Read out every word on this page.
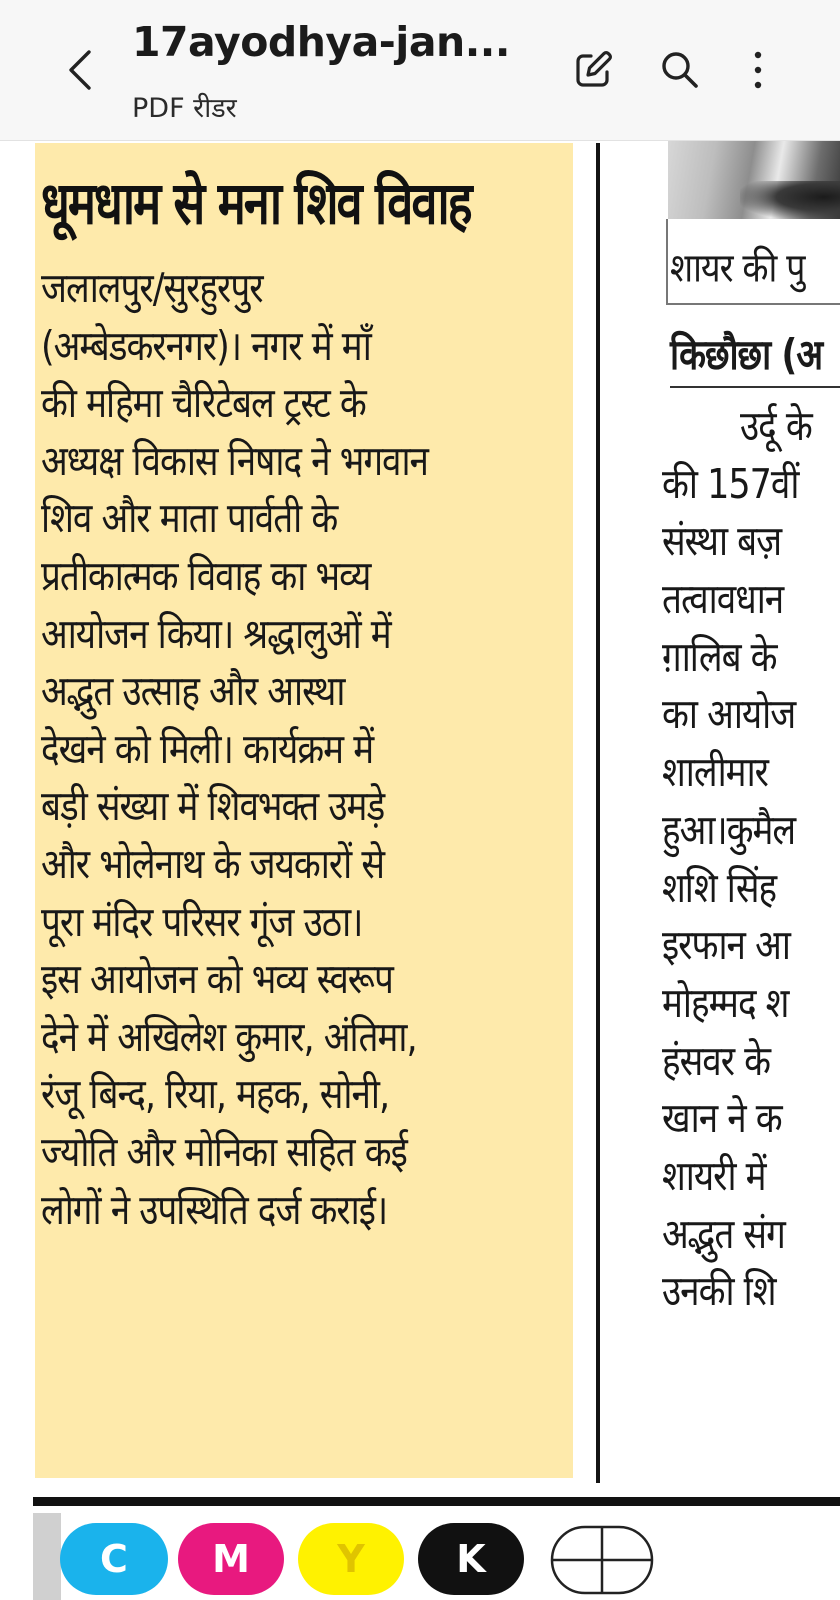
17ayodhya-jan...
PDF रीडर
धूमधाम से मना शिव विवाह
जलालपुर/सुरहुरपुर
(अम्बेडकरनगर)। नगर में माँ
की महिमा चैरिटेबल ट्रस्ट के
अध्यक्ष विकास निषाद ने भगवान
शिव और माता पार्वती के
प्रतीकात्मक विवाह का भव्य
आयोजन किया। श्रद्धालुओं में
अद्भुत उत्साह और आस्था
देखने को मिली। कार्यक्रम में
बड़ी संख्या में शिवभक्त उमड़े
और भोलेनाथ के जयकारों से
पूरा मंदिर परिसर गूंज उठा।
इस आयोजन को भव्य स्वरूप
देने में अखिलेश कुमार, अंतिमा,
रंजू बिन्द, रिया, महक, सोनी,
ज्योति और मोनिका सहित कई
लोगों ने उपस्थिति दर्ज कराई।
शायर की पु
किछौछा (अ
उर्दू के
की 157वीं
संस्था बज़
तत्वावधान
ग़ालिब के
का आयोज
शालीमार
हुआ।कुमैल
शशि सिंह
इरफान आ
मोहम्मद श
हंसवर के
खान ने क
शायरी में
अद्भुत संग
उनकी शि
C	M	Y	K
